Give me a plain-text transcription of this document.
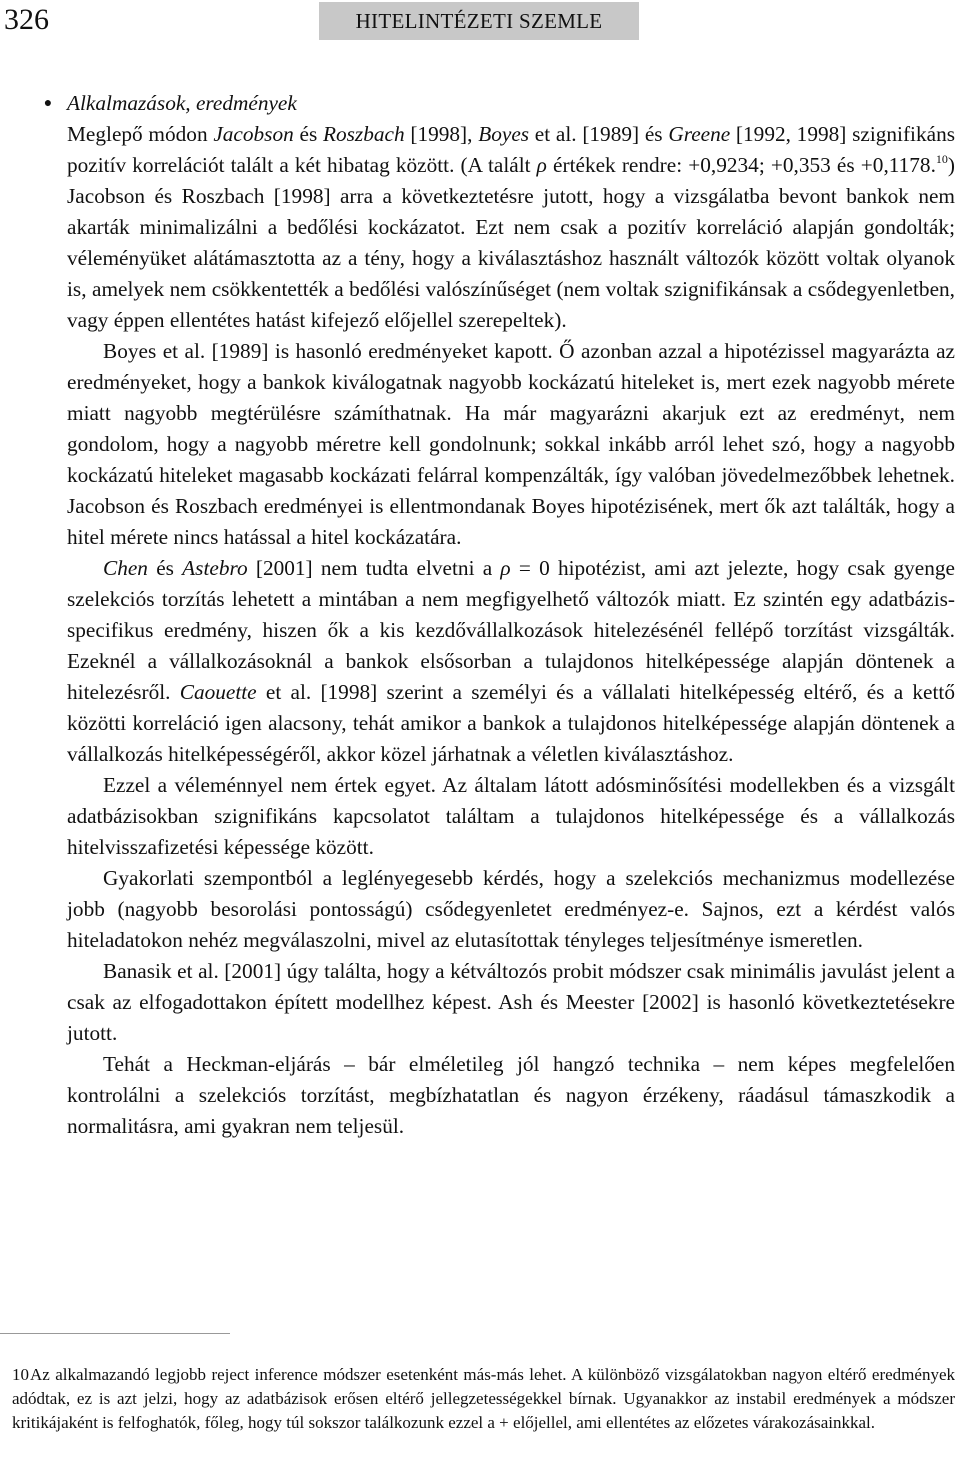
326	HITELINTÉZETI SZEMLE

● Alkalmazások, eredmények

Meglepő módon Jacobson és Roszbach [1998], Boyes et al. [1989] és Greene [1992, 1998] szignifikáns pozitív korrelációt talált a két hibatag között. (A talált ρ értékek rendre: +0,9234; +0,353 és +0,1178.10) Jacobson és Roszbach [1998] arra a következtetésre jutott, hogy a vizsgálatba bevont bankok nem akarták minimalizálni a bedőlési kockázatot. Ezt nem csak a pozitív korreláció alapján gondolták; véleményüket alátámasztotta az a tény, hogy a kiválasztáshoz használt változók között voltak olyanok is, amelyek nem csökkentették a bedőlési valószínűséget (nem voltak szignifikánsak a csődegyenletben, vagy éppen ellentétes hatást kifejező előjellel szerepeltek).

Boyes et al. [1989] is hasonló eredményeket kapott. Ő azonban azzal a hipotézissel magyarázta az eredményeket, hogy a bankok kiválogatnak nagyobb kockázatú hiteleket is, mert ezek nagyobb mérete miatt nagyobb megtérülésre számíthatnak. Ha már magyarázni akarjuk ezt az eredményt, nem gondolom, hogy a nagyobb méretre kell gondolnunk; sokkal inkább arról lehet szó, hogy a nagyobb kockázatú hiteleket magasabb kockázati felárral kompenzálták, így valóban jövedelmezőbbek lehetnek. Jacobson és Roszbach eredményei is ellentmondanak Boyes hipotézisének, mert ők azt találták, hogy a hitel mérete nincs hatással a hitel kockázatára.

Chen és Astebro [2001] nem tudta elvetni a ρ = 0 hipotézist, ami azt jelezte, hogy csak gyenge szelekciós torzítás lehetett a mintában a nem megfigyelhető változók miatt. Ez szintén egy adatbázis-specifikus eredmény, hiszen ők a kis kezdővállalkozások hitelezésénél fellépő torzítást vizsgálták. Ezeknél a vállalkozásoknál a bankok elsősorban a tulajdonos hitelképessége alapján döntenek a hitelezésről. Caouette et al. [1998] szerint a személyi és a vállalati hitelképesség eltérő, és a kettő közötti korreláció igen alacsony, tehát amikor a bankok a tulajdonos hitelképessége alapján döntenek a vállalkozás hitelképességéről, akkor közel járhatnak a véletlen kiválasztáshoz.

Ezzel a véleménnyel nem értek egyet. Az általam látott adósminősítési modellekben és a vizsgált adatbázisokban szignifikáns kapcsolatot találtam a tulajdonos hitelképessége és a vállalkozás hitelvisszafizetési képessége között.

Gyakorlati szempontból a leglényegesebb kérdés, hogy a szelekciós mechanizmus modellezése jobb (nagyobb besorolási pontosságú) csődegyenletet eredményez-e. Sajnos, ezt a kérdést valós hiteladatokon nehéz megválaszolni, mivel az elutasítottak tényleges teljesítménye ismeretlen.

Banasik et al. [2001] úgy találta, hogy a kétváltozós probit módszer csak minimális javulást jelent a csak az elfogadottakon épített modellhez képest. Ash és Meester [2002] is hasonló következtetésekre jutott.

Tehát a Heckman-eljárás – bár elméletileg jól hangzó technika – nem képes megfelelően kontrolálni a szelekciós torzítást, megbízhatatlan és nagyon érzékeny, ráadásul támaszkodik a normalitásra, ami gyakran nem teljesül.

10Az alkalmazandó legjobb reject inference módszer esetenként más-más lehet. A különböző vizsgálatokban nagyon eltérő eredmények adódtak, ez is azt jelzi, hogy az adatbázisok erősen eltérő jellegzetességekkel bírnak. Ugyanakkor az instabil eredmények a módszer kritikájaként is felfoghatók, főleg, hogy túl sokszor találkozunk ezzel a + előjellel, ami ellentétes az előzetes várakozásainkkal.
